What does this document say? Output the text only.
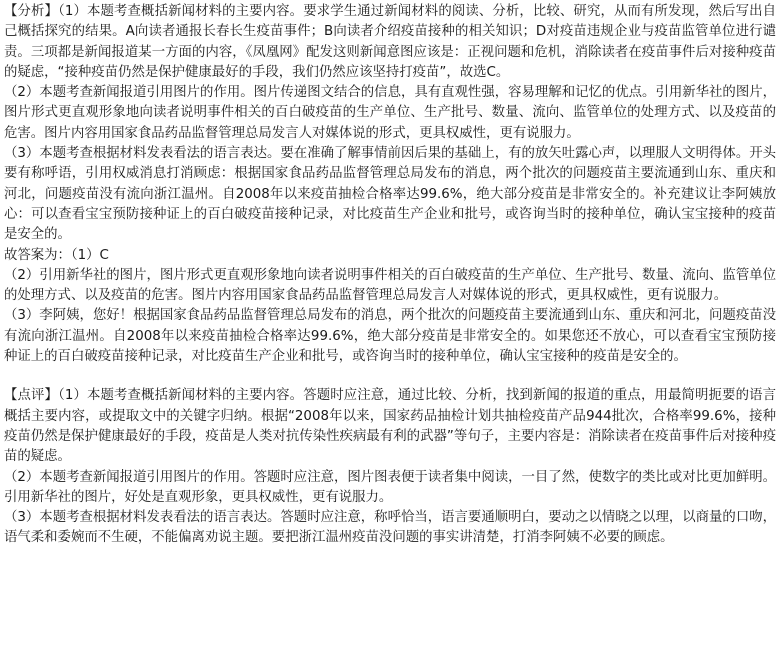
【分析】（1）本题考查概括新闻材料的主要内容。要求学生通过新闻材料的阅读、分析，比较、研究，从而有所发现，然后写出自己概括探究的结果。A向读者通报长春长生疫苗事件；B向读者介绍疫苗接种的相关知识；D对疫苗违规企业与疫苗监管单位进行谴责。三项都是新闻报道某一方面的内容，《凤凰网》配发这则新闻意图应该是：正视问题和危机，消除读者在疫苗事件后对接种疫苗的疑虑，“接种疫苗仍然是保护健康最好的手段，我们仍然应该坚持打疫苗”，故选C。

（2）本题考查新闻报道引用图片的作用。图片传递图文结合的信息，具有直观性强，容易理解和记忆的优点。引用新华社的图片，图片形式更直观形象地向读者说明事件相关的百白破疫苗的生产单位、生产批号、数量、流向、监管单位的处理方式、以及疫苗的危害。图片内容用国家食品药品监督管理总局发言人对媒体说的形式，更具权威性，更有说服力。

（3）本题考查根据材料发表看法的语言表达。要在准确了解事情前因后果的基础上，有的放矢吐露心声，以理服人文明得体。开头要有称呼语，引用权威消息打消顾虑：根据国家食品药品监督管理总局发布的消息，两个批次的问题疫苗主要流通到山东、重庆和河北，问题疫苗没有流向浙江温州。自2008年以来疫苗抽检合格率达99.6%，绝大部分疫苗是非常安全的。补充建议让李阿姨放心：可以查看宝宝预防接种证上的百白破疫苗接种记录，对比疫苗生产企业和批号，或咨询当时的接种单位，确认宝宝接种的疫苗是安全的。

故答案为：（1）C

（2）引用新华社的图片，图片形式更直观形象地向读者说明事件相关的百白破疫苗的生产单位、生产批号、数量、流向、监管单位的处理方式、以及疫苗的危害。图片内容用国家食品药品监督管理总局发言人对媒体说的形式，更具权威性，更有说服力。

（3）李阿姨，您好！根据国家食品药品监督管理总局发布的消息，两个批次的问题疫苗主要流通到山东、重庆和河北，问题疫苗没有流向浙江温州。自2008年以来疫苗抽检合格率达99.6%，绝大部分疫苗是非常安全的。如果您还不放心，可以查看宝宝预防接种证上的百白破疫苗接种记录，对比疫苗生产企业和批号，或咨询当时的接种单位，确认宝宝接种的疫苗是安全的。

【点评】（1）本题考查概括新闻材料的主要内容。答题时应注意，通过比较、分析，找到新闻的报道的重点，用最简明扼要的语言概括主要内容，或提取文中的关键字归纳。根据“2008年以来，国家药品抽检计划共抽检疫苗产品944批次，合格率99.6%，接种疫苗仍然是保护健康最好的手段，疫苗是人类对抗传染性疾病最有利的武器”等句子，主要内容是：消除读者在疫苗事件后对接种疫苗的疑虑。

（2）本题考查新闻报道引用图片的作用。答题时应注意，图片图表便于读者集中阅读，一目了然，使数字的类比或对比更加鲜明。引用新华社的图片，好处是直观形象，更具权威性，更有说服力。

（3）本题考查根据材料发表看法的语言表达。答题时应注意，称呼恰当，语言要通顺明白，要动之以情晓之以理，以商量的口吻，语气柔和委婉而不生硬，不能偏离劝说主题。要把浙江温州疫苗没问题的事实讲清楚，打消李阿姨不必要的顾虑。
